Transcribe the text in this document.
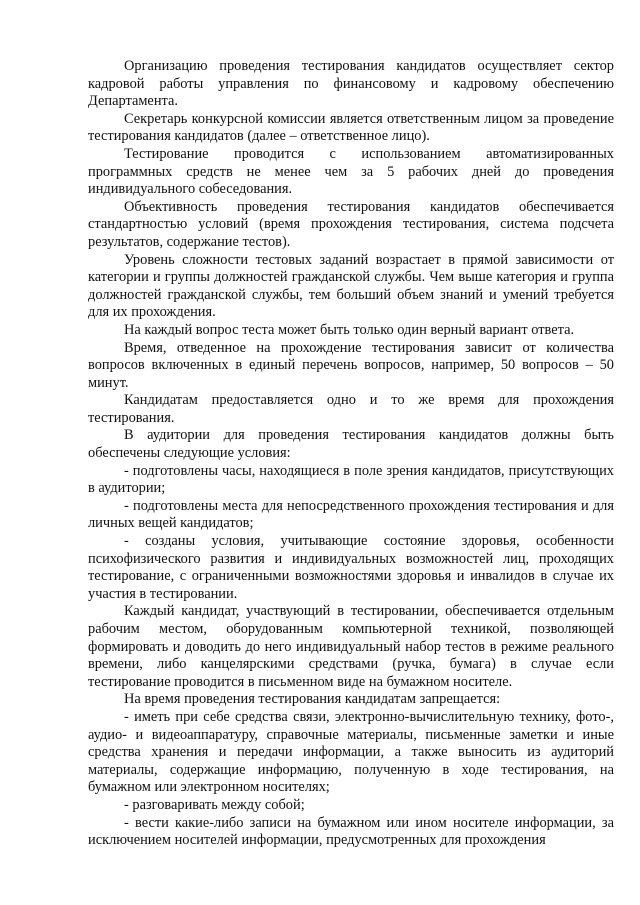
Организацию проведения тестирования кандидатов осуществляет сектор кадровой работы управления по финансовому и кадровому обеспечению Департамента.

Секретарь конкурсной комиссии является ответственным лицом за проведение тестирования кандидатов (далее – ответственное лицо).

Тестирование проводится с использованием автоматизированных программных средств не менее чем за 5 рабочих дней до проведения индивидуального собеседования.

Объективность проведения тестирования кандидатов обеспечивается стандартностью условий (время прохождения тестирования, система подсчета результатов, содержание тестов).

Уровень сложности тестовых заданий возрастает в прямой зависимости от категории и группы должностей гражданской службы. Чем выше категория и группа должностей гражданской службы, тем больший объем знаний и умений требуется для их прохождения.

На каждый вопрос теста может быть только один верный вариант ответа.

Время, отведенное на прохождение тестирования зависит от количества вопросов включенных в единый перечень вопросов, например, 50 вопросов – 50 минут.

Кандидатам предоставляется одно и то же время для прохождения тестирования.

В аудитории для проведения тестирования кандидатов должны быть обеспечены следующие условия:

- подготовлены часы, находящиеся в поле зрения кандидатов, присутствующих в аудитории;

- подготовлены места для непосредственного прохождения тестирования и для личных вещей кандидатов;

- созданы условия, учитывающие состояние здоровья, особенности психофизического развития и индивидуальных возможностей лиц, проходящих тестирование, с ограниченными возможностями здоровья и инвалидов в случае их участия в тестировании.

Каждый кандидат, участвующий в тестировании, обеспечивается отдельным рабочим местом, оборудованным компьютерной техникой, позволяющей формировать и доводить до него индивидуальный набор тестов в режиме реального времени, либо канцелярскими средствами (ручка, бумага) в случае если тестирование проводится в письменном виде на бумажном носителе.

На время проведения тестирования кандидатам запрещается:

- иметь при себе средства связи, электронно-вычислительную технику, фото-, аудио- и видеоаппаратуру, справочные материалы, письменные заметки и иные средства хранения и передачи информации, а также выносить из аудиторий материалы, содержащие информацию, полученную в ходе тестирования, на бумажном или электронном носителях;

- разговаривать между собой;

- вести какие-либо записи на бумажном или ином носителе информации, за исключением носителей информации, предусмотренных для прохождения
